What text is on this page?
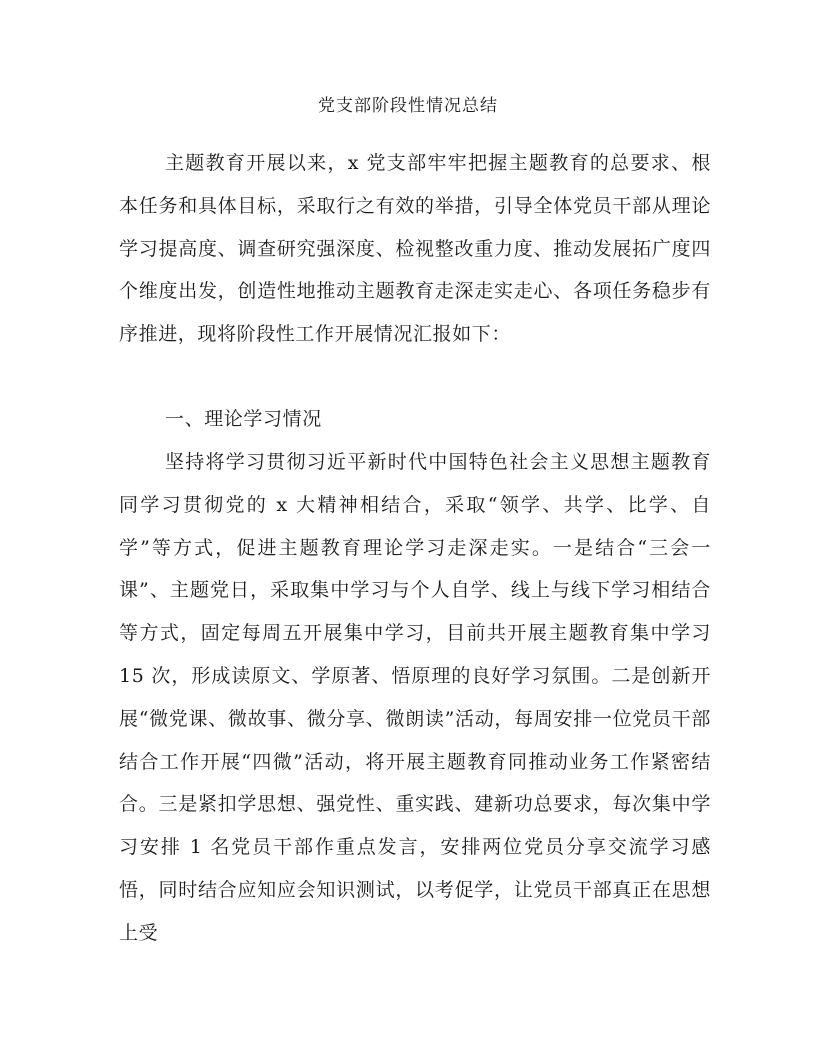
党支部阶段性情况总结

主题教育开展以来，x 党支部牢牢把握主题教育的总要求、根本任务和具体目标，采取行之有效的举措，引导全体党员干部从理论学习提高度、调查研究强深度、检视整改重力度、推动发展拓广度四个维度出发，创造性地推动主题教育走深走实走心、各项任务稳步有序推进，现将阶段性工作开展情况汇报如下：

一、理论学习情况

坚持将学习贯彻习近平新时代中国特色社会主义思想主题教育同学习贯彻党的 x 大精神相结合，采取“领学、共学、比学、自学”等方式，促进主题教育理论学习走深走实。一是结合“三会一课”、主题党日，采取集中学习与个人自学、线上与线下学习相结合等方式，固定每周五开展集中学习，目前共开展主题教育集中学习 15 次，形成读原文、学原著、悟原理的良好学习氛围。二是创新开展“微党课、微故事、微分享、微朗读”活动，每周安排一位党员干部结合工作开展“四微”活动，将开展主题教育同推动业务工作紧密结合。三是紧扣学思想、强党性、重实践、建新功总要求，每次集中学习安排 1 名党员干部作重点发言，安排两位党员分享交流学习感悟，同时结合应知应会知识测试，以考促学，让党员干部真正在思想上受
